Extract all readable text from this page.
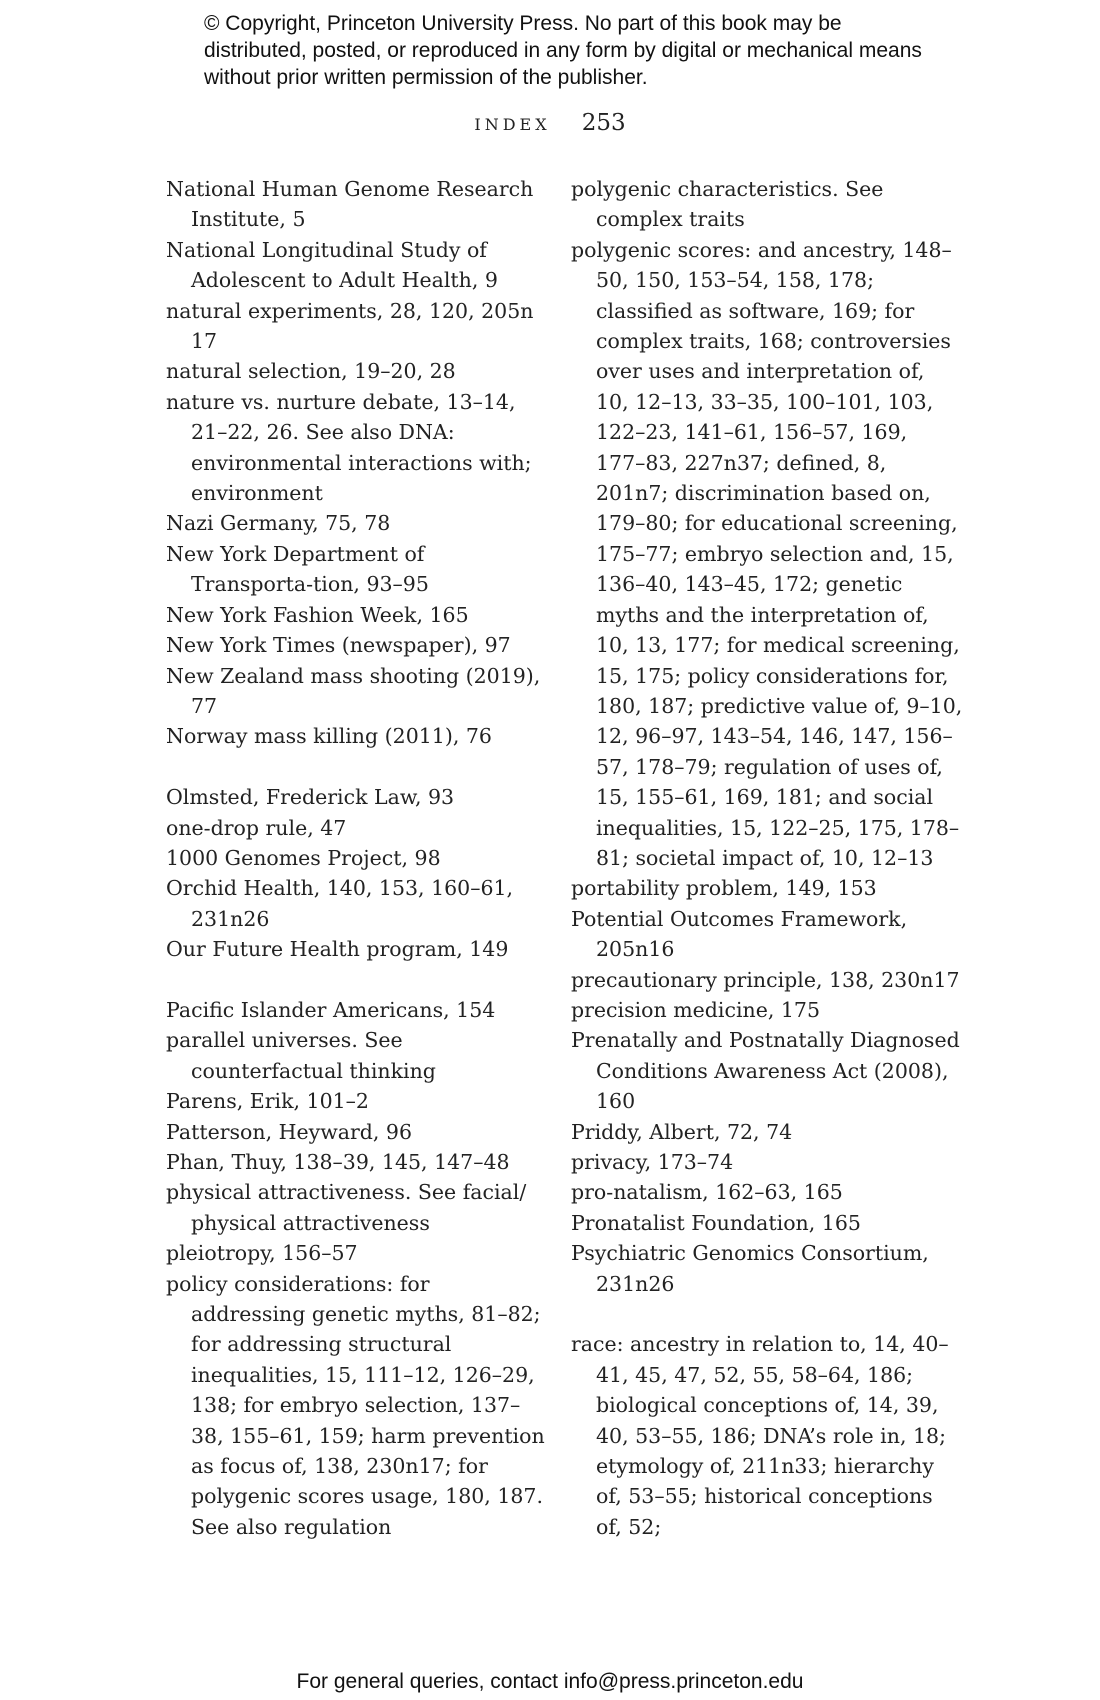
© Copyright, Princeton University Press. No part of this book may be distributed, posted, or reproduced in any form by digital or mechanical means without prior written permission of the publisher.
INDEX 253
National Human Genome Research Institute, 5
National Longitudinal Study of Adolescent to Adult Health, 9
natural experiments, 28, 120, 205n 17
natural selection, 19–20, 28
nature vs. nurture debate, 13–14, 21–22, 26. See also DNA: environmental interactions with; environment
Nazi Germany, 75, 78
New York Department of Transporta-tion, 93–95
New York Fashion Week, 165
New York Times (newspaper), 97
New Zealand mass shooting (2019), 77
Norway mass killing (2011), 76
Olmsted, Frederick Law, 93
one-drop rule, 47
1000 Genomes Project, 98
Orchid Health, 140, 153, 160–61, 231n26
Our Future Health program, 149
Pacific Islander Americans, 154
parallel universes. See counterfactual thinking
Parens, Erik, 101–2
Patterson, Heyward, 96
Phan, Thuy, 138–39, 145, 147–48
physical attractiveness. See facial/ physical attractiveness
pleiotropy, 156–57
policy considerations: for addressing genetic myths, 81–82; for addressing structural inequalities, 15, 111–12, 126–29, 138; for embryo selection, 137–38, 155–61, 159; harm prevention as focus of, 138, 230n17; for polygenic scores usage, 180, 187. See also regulation
polygenic characteristics. See complex traits
polygenic scores: and ancestry, 148–50, 150, 153–54, 158, 178; classified as software, 169; for complex traits, 168; controversies over uses and interpretation of, 10, 12–13, 33–35, 100–101, 103, 122–23, 141–61, 156–57, 169, 177–83, 227n37; defined, 8, 201n7; discrimination based on, 179–80; for educational screening, 175–77; embryo selection and, 15, 136–40, 143–45, 172; genetic myths and the interpretation of, 10, 13, 177; for medical screening, 15, 175; policy considerations for, 180, 187; predictive value of, 9–10, 12, 96–97, 143–54, 146, 147, 156–57, 178–79; regulation of uses of, 15, 155–61, 169, 181; and social inequalities, 15, 122–25, 175, 178–81; societal impact of, 10, 12–13
portability problem, 149, 153
Potential Outcomes Framework, 205n16
precautionary principle, 138, 230n17
precision medicine, 175
Prenatally and Postnatally Diagnosed Conditions Awareness Act (2008), 160
Priddy, Albert, 72, 74
privacy, 173–74
pro-natalism, 162–63, 165
Pronatalist Foundation, 165
Psychiatric Genomics Consortium, 231n26
race: ancestry in relation to, 14, 40–41, 45, 47, 52, 55, 58–64, 186; biological conceptions of, 14, 39, 40, 53–55, 186; DNA’s role in, 18; etymology of, 211n33; hierarchy of, 53–55; historical conceptions of, 52;
For general queries, contact info@press.princeton.edu
